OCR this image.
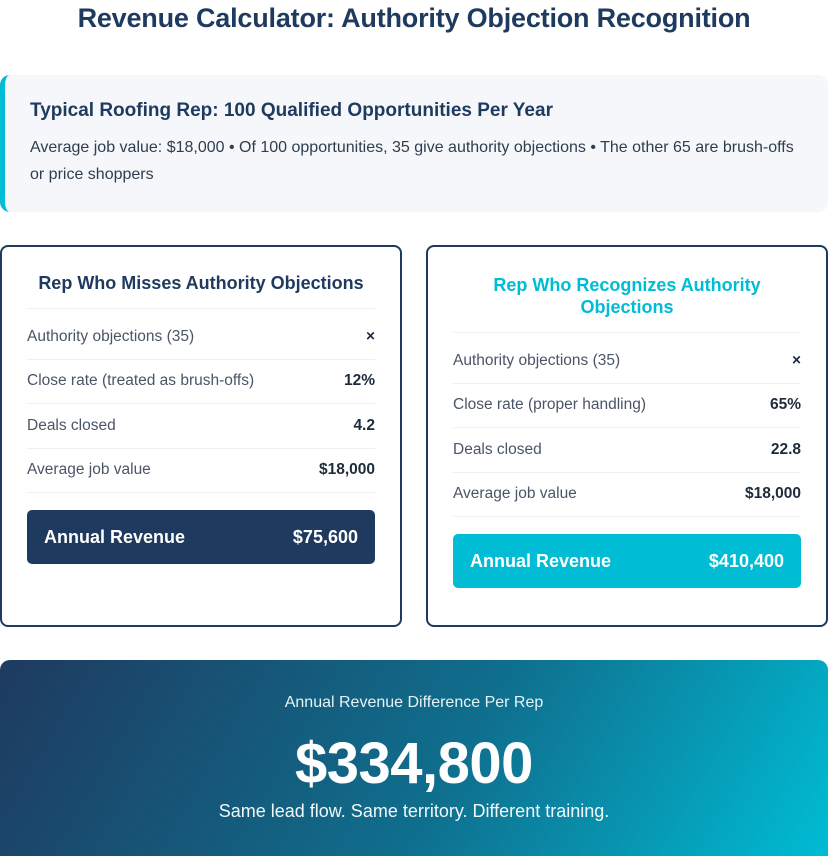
Revenue Calculator: Authority Objection Recognition
Typical Roofing Rep: 100 Qualified Opportunities Per Year

Average job value: $18,000 • Of 100 opportunities, 35 give authority objections • The other 65 are brush-offs or price shoppers

Rep Who Misses Authority Objections
Authority objections (35)	×
Close rate (treated as brush-offs)	12%
Deals closed	4.2
Average job value	$18,000
Annual Revenue	$75,600
Rep Who Recognizes Authority Objections
Authority objections (35)	×
Close rate (proper handling)	65%
Deals closed	22.8
Average job value	$18,000
Annual Revenue	$410,400
Annual Revenue Difference Per Rep
$334,800
Same lead flow. Same territory. Different training.
